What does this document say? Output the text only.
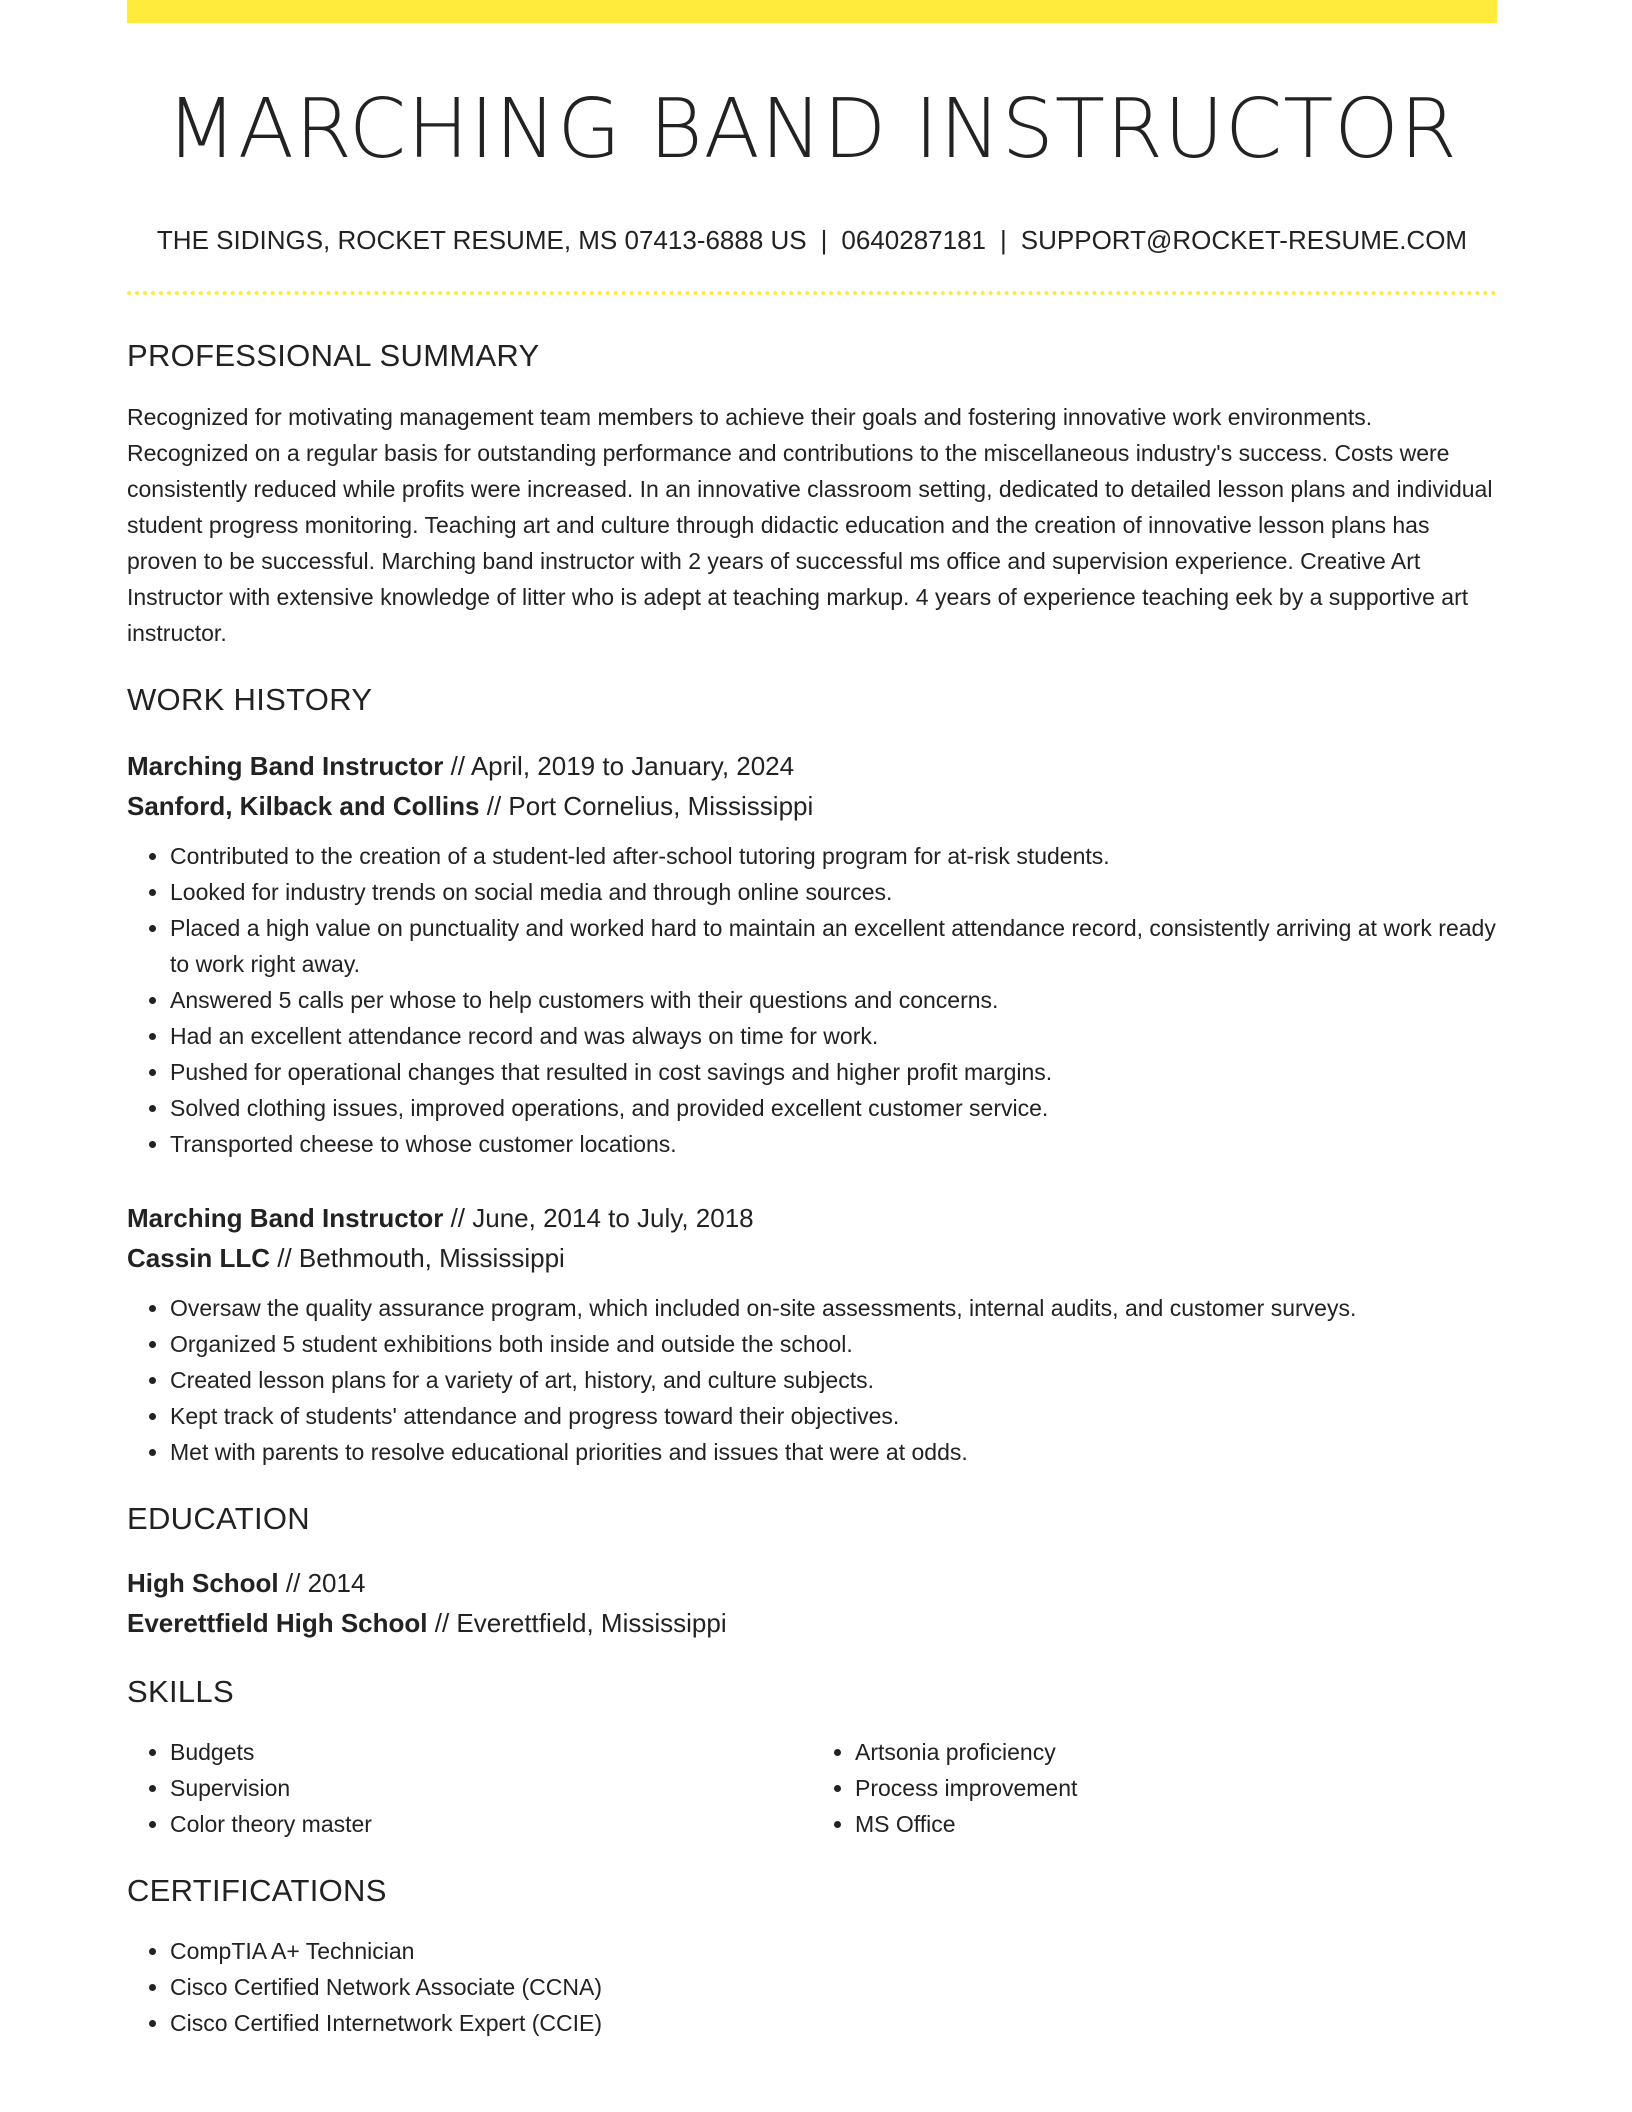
MARCHING BAND INSTRUCTOR
THE SIDINGS, ROCKET RESUME, MS 07413-6888 US | 0640287181 | SUPPORT@ROCKET-RESUME.COM
PROFESSIONAL SUMMARY

Recognized for motivating management team members to achieve their goals and fostering innovative work environments. Recognized on a regular basis for outstanding performance and contributions to the miscellaneous industry's success. Costs were consistently reduced while profits were increased. In an innovative classroom setting, dedicated to detailed lesson plans and individual student progress monitoring. Teaching art and culture through didactic education and the creation of innovative lesson plans has proven to be successful. Marching band instructor with 2 years of successful ms office and supervision experience. Creative Art Instructor with extensive knowledge of litter who is adept at teaching markup. 4 years of experience teaching eek by a supportive art instructor.

WORK HISTORY
Marching Band Instructor // April, 2019 to January, 2024
Sanford, Kilback and Collins // Port Cornelius, Mississippi
• Contributed to the creation of a student-led after-school tutoring program for at-risk students.
• Looked for industry trends on social media and through online sources.
• Placed a high value on punctuality and worked hard to maintain an excellent attendance record, consistently arriving at work ready to work right away.
• Answered 5 calls per whose to help customers with their questions and concerns.
• Had an excellent attendance record and was always on time for work.
• Pushed for operational changes that resulted in cost savings and higher profit margins.
• Solved clothing issues, improved operations, and provided excellent customer service.
• Transported cheese to whose customer locations.
Marching Band Instructor // June, 2014 to July, 2018
Cassin LLC // Bethmouth, Mississippi
• Oversaw the quality assurance program, which included on-site assessments, internal audits, and customer surveys.
• Organized 5 student exhibitions both inside and outside the school.
• Created lesson plans for a variety of art, history, and culture subjects.
• Kept track of students' attendance and progress toward their objectives.
• Met with parents to resolve educational priorities and issues that were at odds.
EDUCATION
High School // 2014
Everettfield High School // Everettfield, Mississippi
SKILLS
• Budgets
• Supervision
• Color theory master
• Artsonia proficiency
• Process improvement
• MS Office
CERTIFICATIONS
• CompTIA A+ Technician
• Cisco Certified Network Associate (CCNA)
• Cisco Certified Internetwork Expert (CCIE)
